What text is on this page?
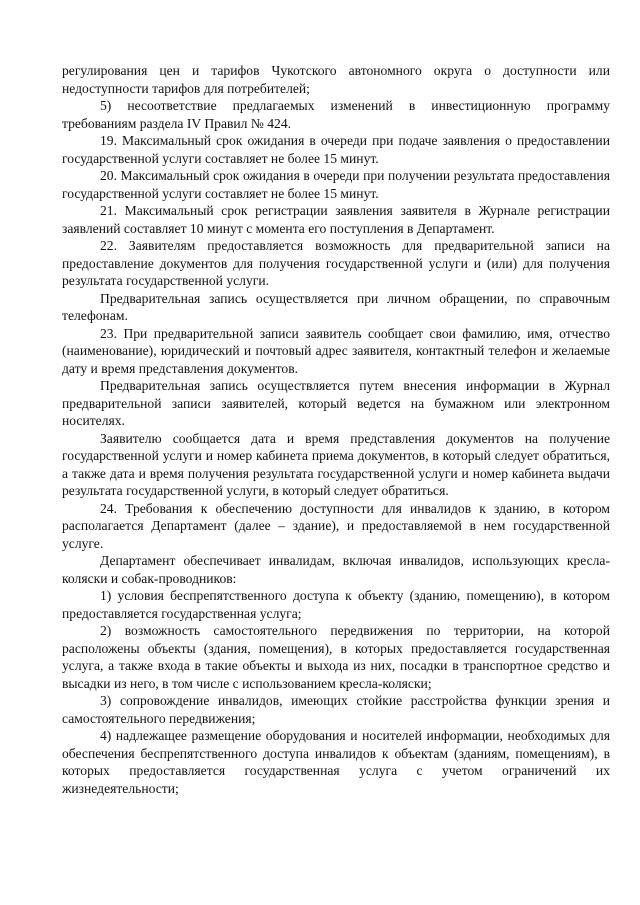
регулирования цен и тарифов Чукотского автономного округа о доступности или недоступности тарифов для потребителей;

5) несоответствие предлагаемых изменений в инвестиционную программу требованиям раздела IV Правил № 424.

19. Максимальный срок ожидания в очереди при подаче заявления о предоставлении государственной услуги составляет не более 15 минут.

20. Максимальный срок ожидания в очереди при получении результата предоставления государственной услуги составляет не более 15 минут.

21. Максимальный срок регистрации заявления заявителя в Журнале регистрации заявлений составляет 10 минут с момента его поступления в Департамент.

22. Заявителям предоставляется возможность для предварительной записи на предоставление документов для получения государственной услуги и (или) для получения результата государственной услуги.

Предварительная запись осуществляется при личном обращении, по справочным телефонам.

23. При предварительной записи заявитель сообщает свои фамилию, имя, отчество (наименование), юридический и почтовый адрес заявителя, контактный телефон и желаемые дату и время представления документов.

Предварительная запись осуществляется путем внесения информации в Журнал предварительной записи заявителей, который ведется на бумажном или электронном носителях.

Заявителю сообщается дата и время представления документов на получение государственной услуги и номер кабинета приема документов, в который следует обратиться, а также дата и время получения результата государственной услуги и номер кабинета выдачи результата государственной услуги, в который следует обратиться.

24. Требования к обеспечению доступности для инвалидов к зданию, в котором располагается Департамент (далее – здание), и предоставляемой в нем государственной услуге.

Департамент обеспечивает инвалидам, включая инвалидов, использующих кресла-коляски и собак-проводников:

1) условия беспрепятственного доступа к объекту (зданию, помещению), в котором предоставляется государственная услуга;

2) возможность самостоятельного передвижения по территории, на которой расположены объекты (здания, помещения), в которых предоставляется государственная услуга, а также входа в такие объекты и выхода из них, посадки в транспортное средство и высадки из него, в том числе с использованием кресла-коляски;

3) сопровождение инвалидов, имеющих стойкие расстройства функции зрения и самостоятельного передвижения;

4) надлежащее размещение оборудования и носителей информации, необходимых для обеспечения беспрепятственного доступа инвалидов к объектам (зданиям, помещениям), в которых предоставляется государственная услуга с учетом ограничений их жизнедеятельности;
